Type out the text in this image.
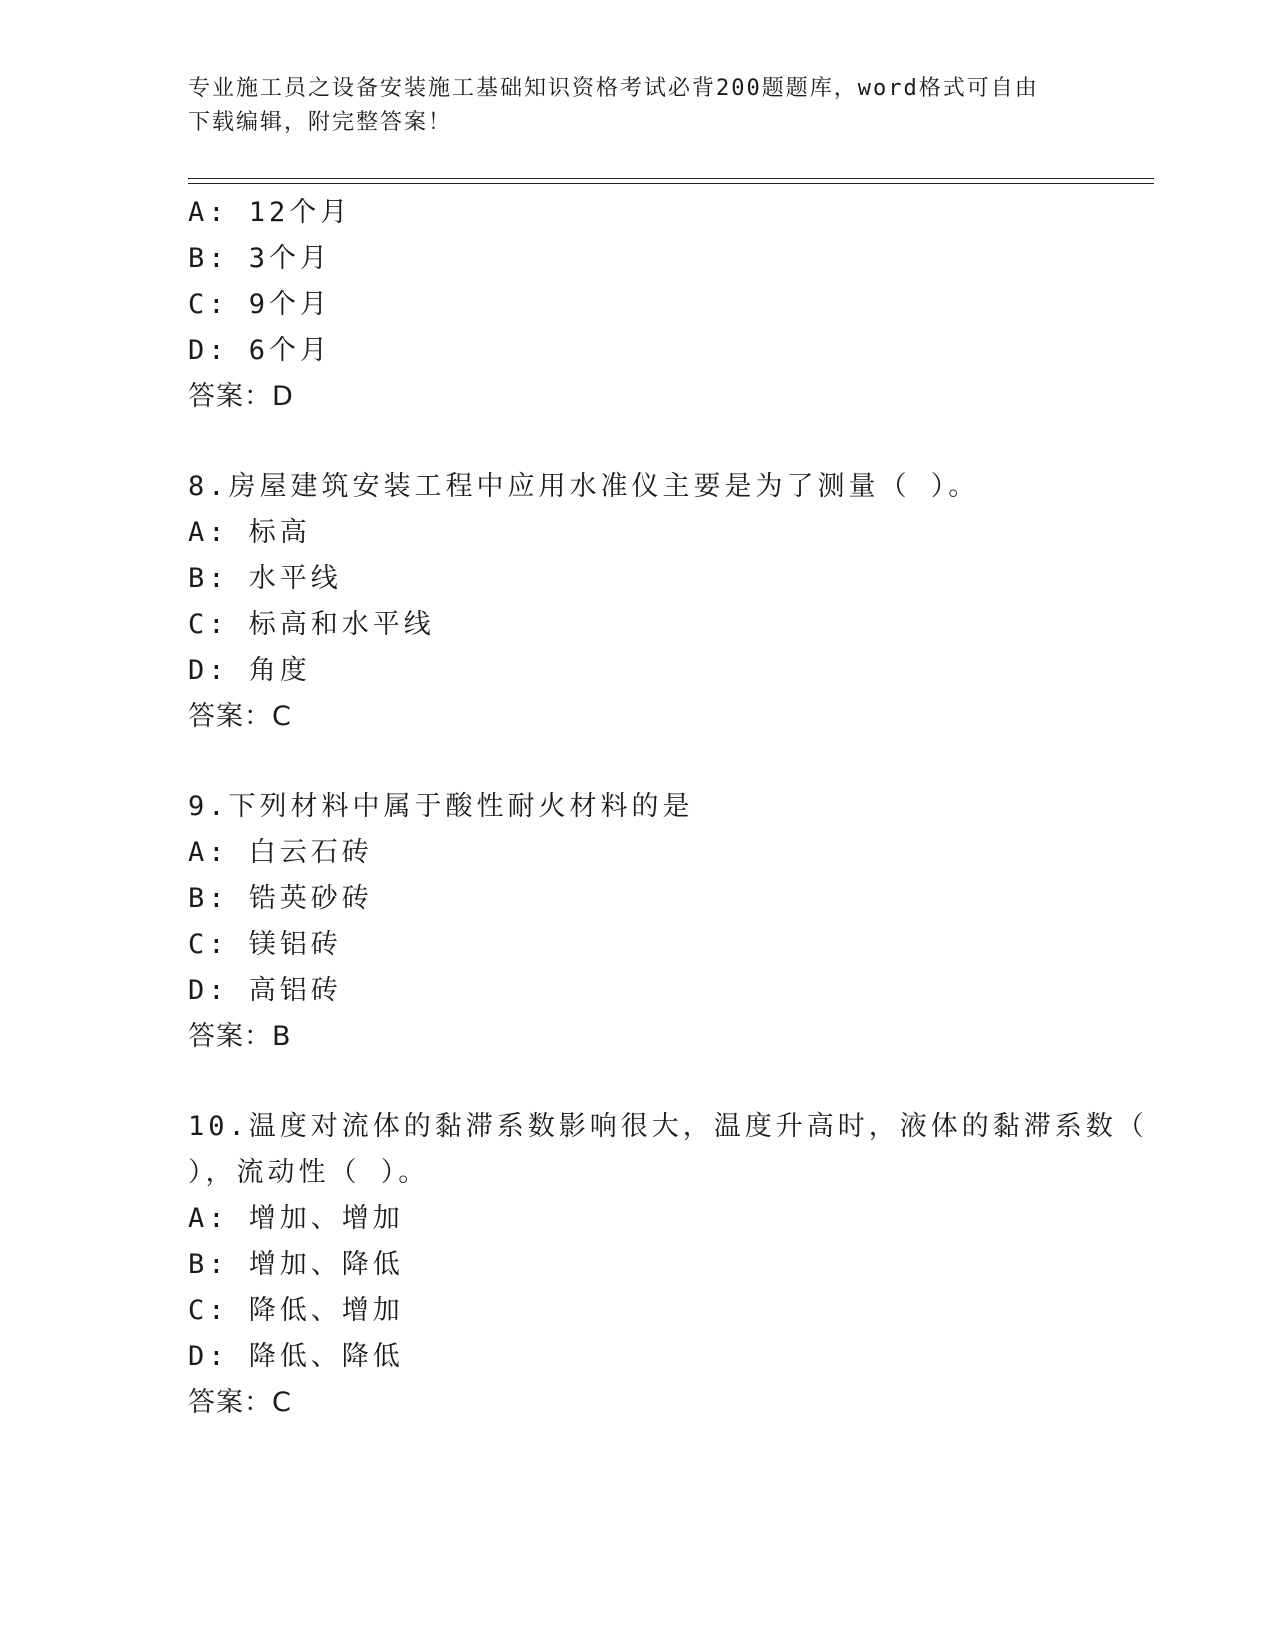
专业施工员之设备安装施工基础知识资格考试必背200题题库，word格式可自由
下载编辑，附完整答案！
A: 12个月
B: 3个月
C: 9个月
D: 6个月
答案：D
8.房屋建筑安装工程中应用水准仪主要是为了测量（ ）。
A: 标高
B: 水平线
C: 标高和水平线
D: 角度
答案：C
9.下列材料中属于酸性耐火材料的是
A: 白云石砖
B: 锆英砂砖
C: 镁铝砖
D: 高铝砖
答案：B
10.温度对流体的黏滞系数影响很大，温度升高时，液体的黏滞系数（
），流动性（ ）。
A: 增加、增加
B: 增加、降低
C: 降低、增加
D: 降低、降低
答案：C
